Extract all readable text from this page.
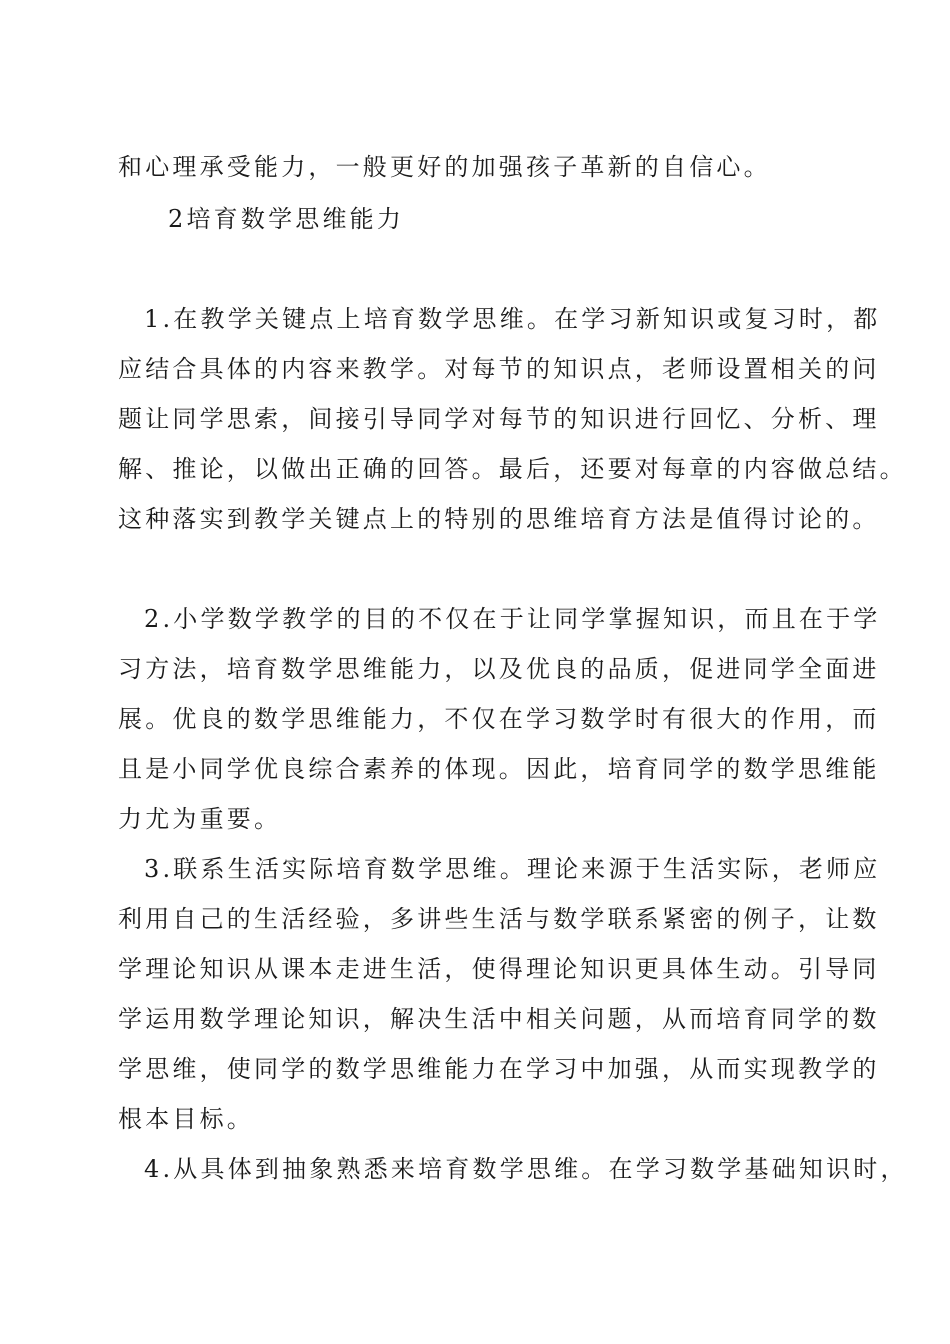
和心理承受能力，一般更好的加强孩子革新的自信心。
2培育数学思维能力
1.在教学关键点上培育数学思维。在学习新知识或复习时，都
应结合具体的内容来教学。对每节的知识点，老师设置相关的问
题让同学思索，间接引导同学对每节的知识进行回忆、分析、理
解、推论，以做出正确的回答。最后，还要对每章的内容做总结。
这种落实到教学关键点上的特别的思维培育方法是值得讨论的。
2.小学数学教学的目的不仅在于让同学掌握知识，而且在于学
习方法，培育数学思维能力，以及优良的品质，促进同学全面进
展。优良的数学思维能力，不仅在学习数学时有很大的作用，而
且是小同学优良综合素养的体现。因此，培育同学的数学思维能
力尤为重要。
3.联系生活实际培育数学思维。理论来源于生活实际，老师应
利用自己的生活经验，多讲些生活与数学联系紧密的例子，让数
学理论知识从课本走进生活，使得理论知识更具体生动。引导同
学运用数学理论知识，解决生活中相关问题，从而培育同学的数
学思维，使同学的数学思维能力在学习中加强，从而实现教学的
根本目标。
4.从具体到抽象熟悉来培育数学思维。在学习数学基础知识时，
